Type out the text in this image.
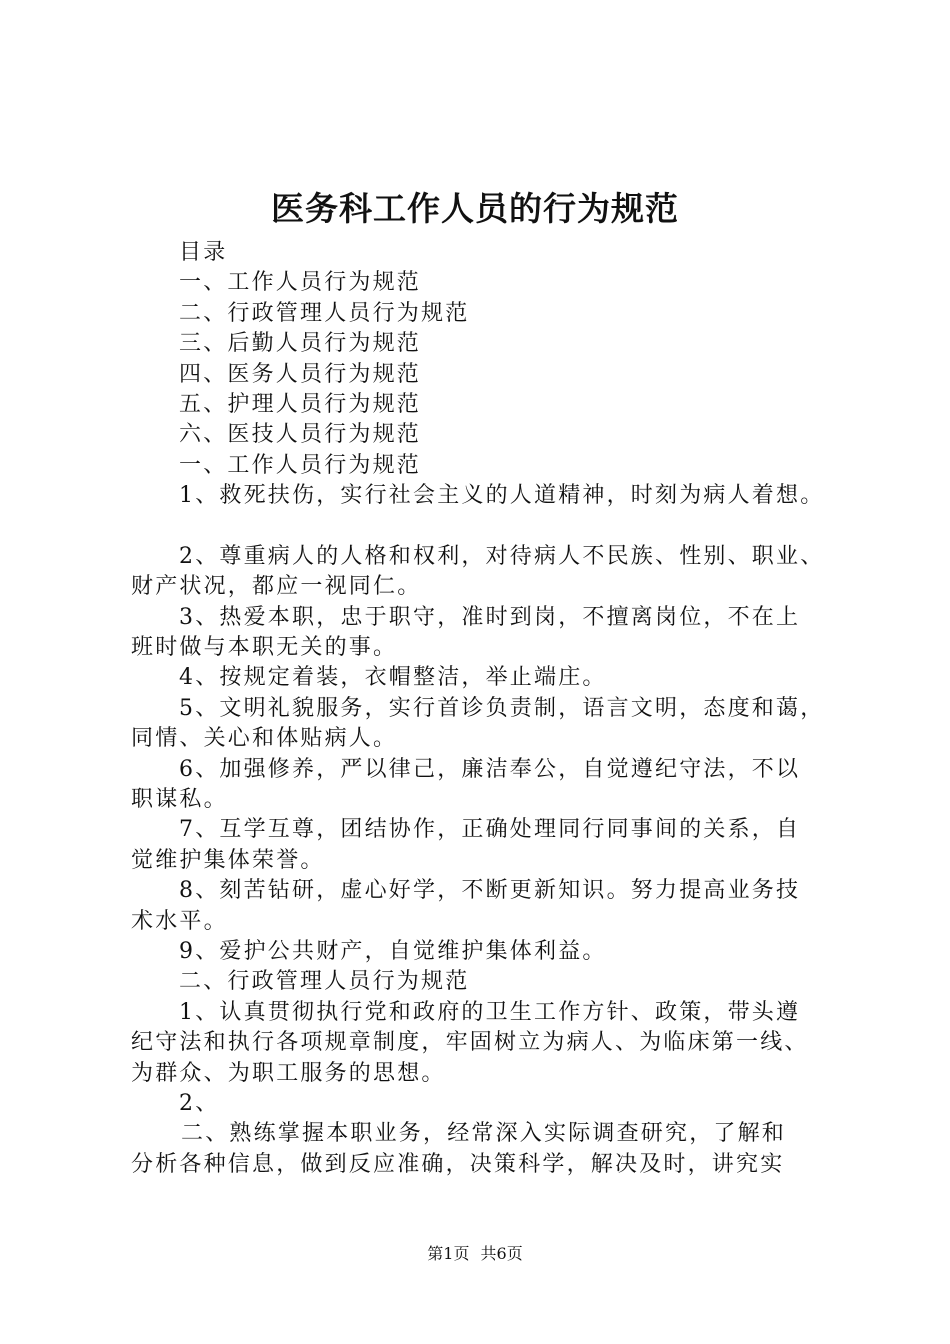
医务科工作人员的行为规范
目录
一、工作人员行为规范
二、行政管理人员行为规范
三、后勤人员行为规范
四、医务人员行为规范
五、护理人员行为规范
六、医技人员行为规范
一、工作人员行为规范
1、救死扶伤，实行社会主义的人道精神，时刻为病人着想。
2、尊重病人的人格和权利，对待病人不民族、性别、职业、
财产状况，都应一视同仁。
3、热爱本职，忠于职守，准时到岗，不擅离岗位，不在上
班时做与本职无关的事。
4、按规定着装，衣帽整洁，举止端庄。
5、文明礼貌服务，实行首诊负责制，语言文明，态度和蔼，
同情、关心和体贴病人。
6、加强修养，严以律己，廉洁奉公，自觉遵纪守法，不以
职谋私。
7、互学互尊，团结协作，正确处理同行同事间的关系，自
觉维护集体荣誉。
8、刻苦钻研，虚心好学，不断更新知识。努力提高业务技
术水平。
9、爱护公共财产，自觉维护集体利益。
二、行政管理人员行为规范
1、认真贯彻执行党和政府的卫生工作方针、政策，带头遵
纪守法和执行各项规章制度，牢固树立为病人、为临床第一线、
为群众、为职工服务的思想。
2、
二、熟练掌握本职业务，经常深入实际调查研究，了解和
分析各种信息，做到反应准确，决策科学，解决及时，讲究实
第1页 共6页
